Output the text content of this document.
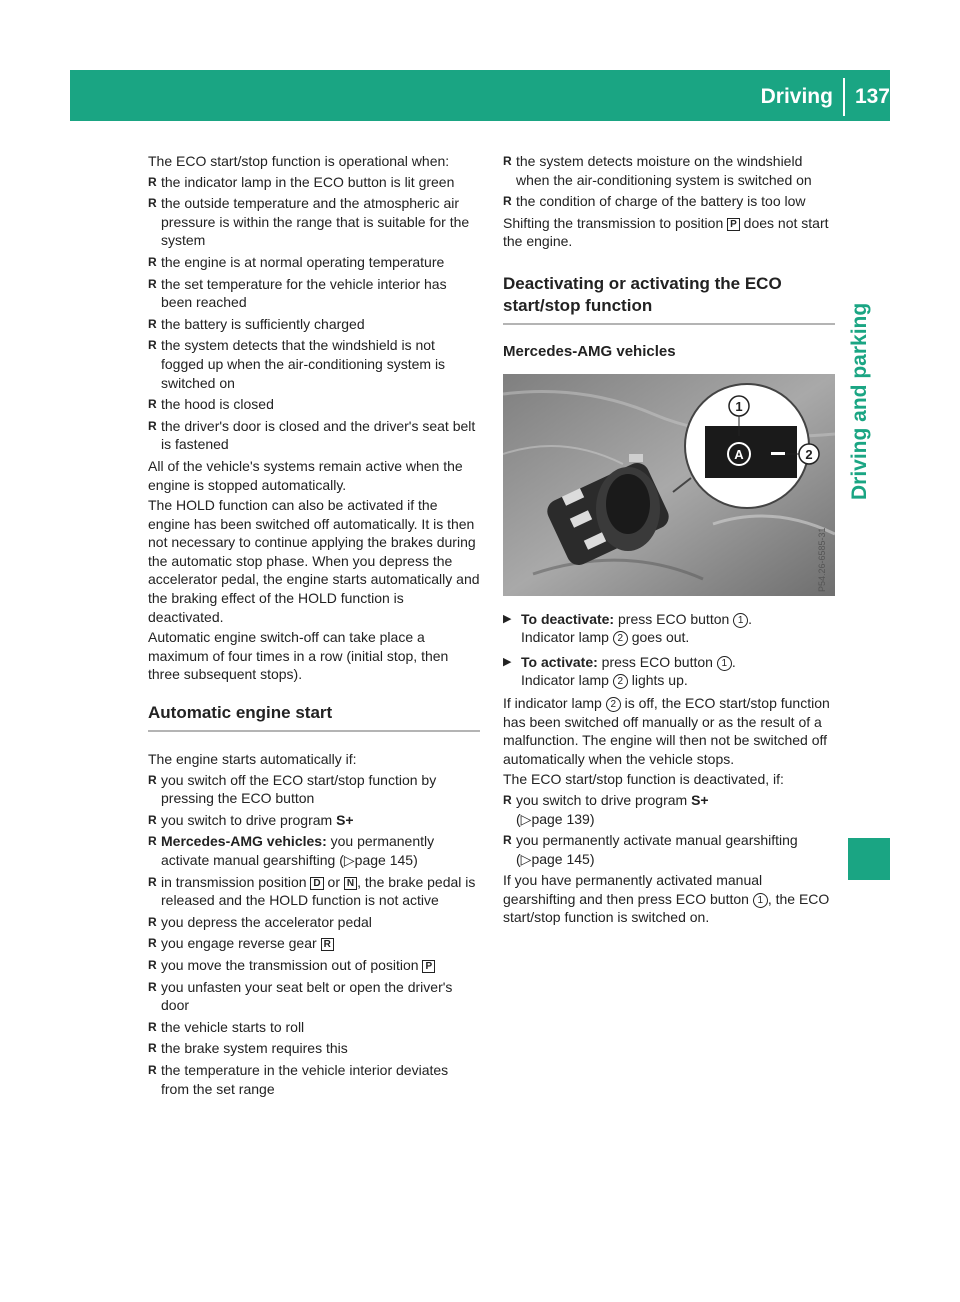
Driving	137
Driving and parking

The ECO start/stop function is operational when:

R the indicator lamp in the ECO button is lit green
R the outside temperature and the atmospheric air pressure is within the range that is suitable for the system
R the engine is at normal operating temperature
R the set temperature for the vehicle interior has been reached
R the battery is sufficiently charged
R the system detects that the windshield is not fogged up when the air-conditioning system is switched on
R the hood is closed
R the driver's door is closed and the driver's seat belt is fastened

All of the vehicle's systems remain active when the engine is stopped automatically.

The HOLD function can also be activated if the engine has been switched off automatically. It is then not necessary to continue applying the brakes during the automatic stop phase. When you depress the accelerator pedal, the engine starts automatically and the braking effect of the HOLD function is deactivated.

Automatic engine switch-off can take place a maximum of four times in a row (initial stop, then three subsequent stops).

Automatic engine start

The engine starts automatically if:

R you switch off the ECO start/stop function by pressing the ECO button
R you switch to drive program S+
R Mercedes-AMG vehicles: you permanently activate manual gearshifting (▷page 145)
R in transmission position D or N , the brake pedal is released and the HOLD function is not active
R you depress the accelerator pedal
R you engage reverse gear R
R you move the transmission out of position P
R you unfasten your seat belt or open the driver's door
R the vehicle starts to roll
R the brake system requires this
R the temperature in the vehicle interior deviates from the set range
R the system detects moisture on the windshield when the air-conditioning system is switched on
R the condition of charge of the battery is too low

Shifting the transmission to position P does not start the engine.

Deactivating or activating the ECO start/stop function
Mercedes-AMG vehicles
A
1
2
P54.26-6585-31
▶ To deactivate: press ECO button 1 .
Indicator lamp 2 goes out.
▶ To activate: press ECO button 1 .
Indicator lamp 2 lights up.

If indicator lamp 2 is off, the ECO start/stop function has been switched off manually or as the result of a malfunction. The engine will then not be switched off automatically when the vehicle stops.

The ECO start/stop function is deactivated, if:

R you switch to drive program S+
(▷page 139)
R you permanently activate manual gearshifting
(▷page 145)

If you have permanently activated manual gearshifting and then press ECO button 1 , the ECO start/stop function is switched on.
